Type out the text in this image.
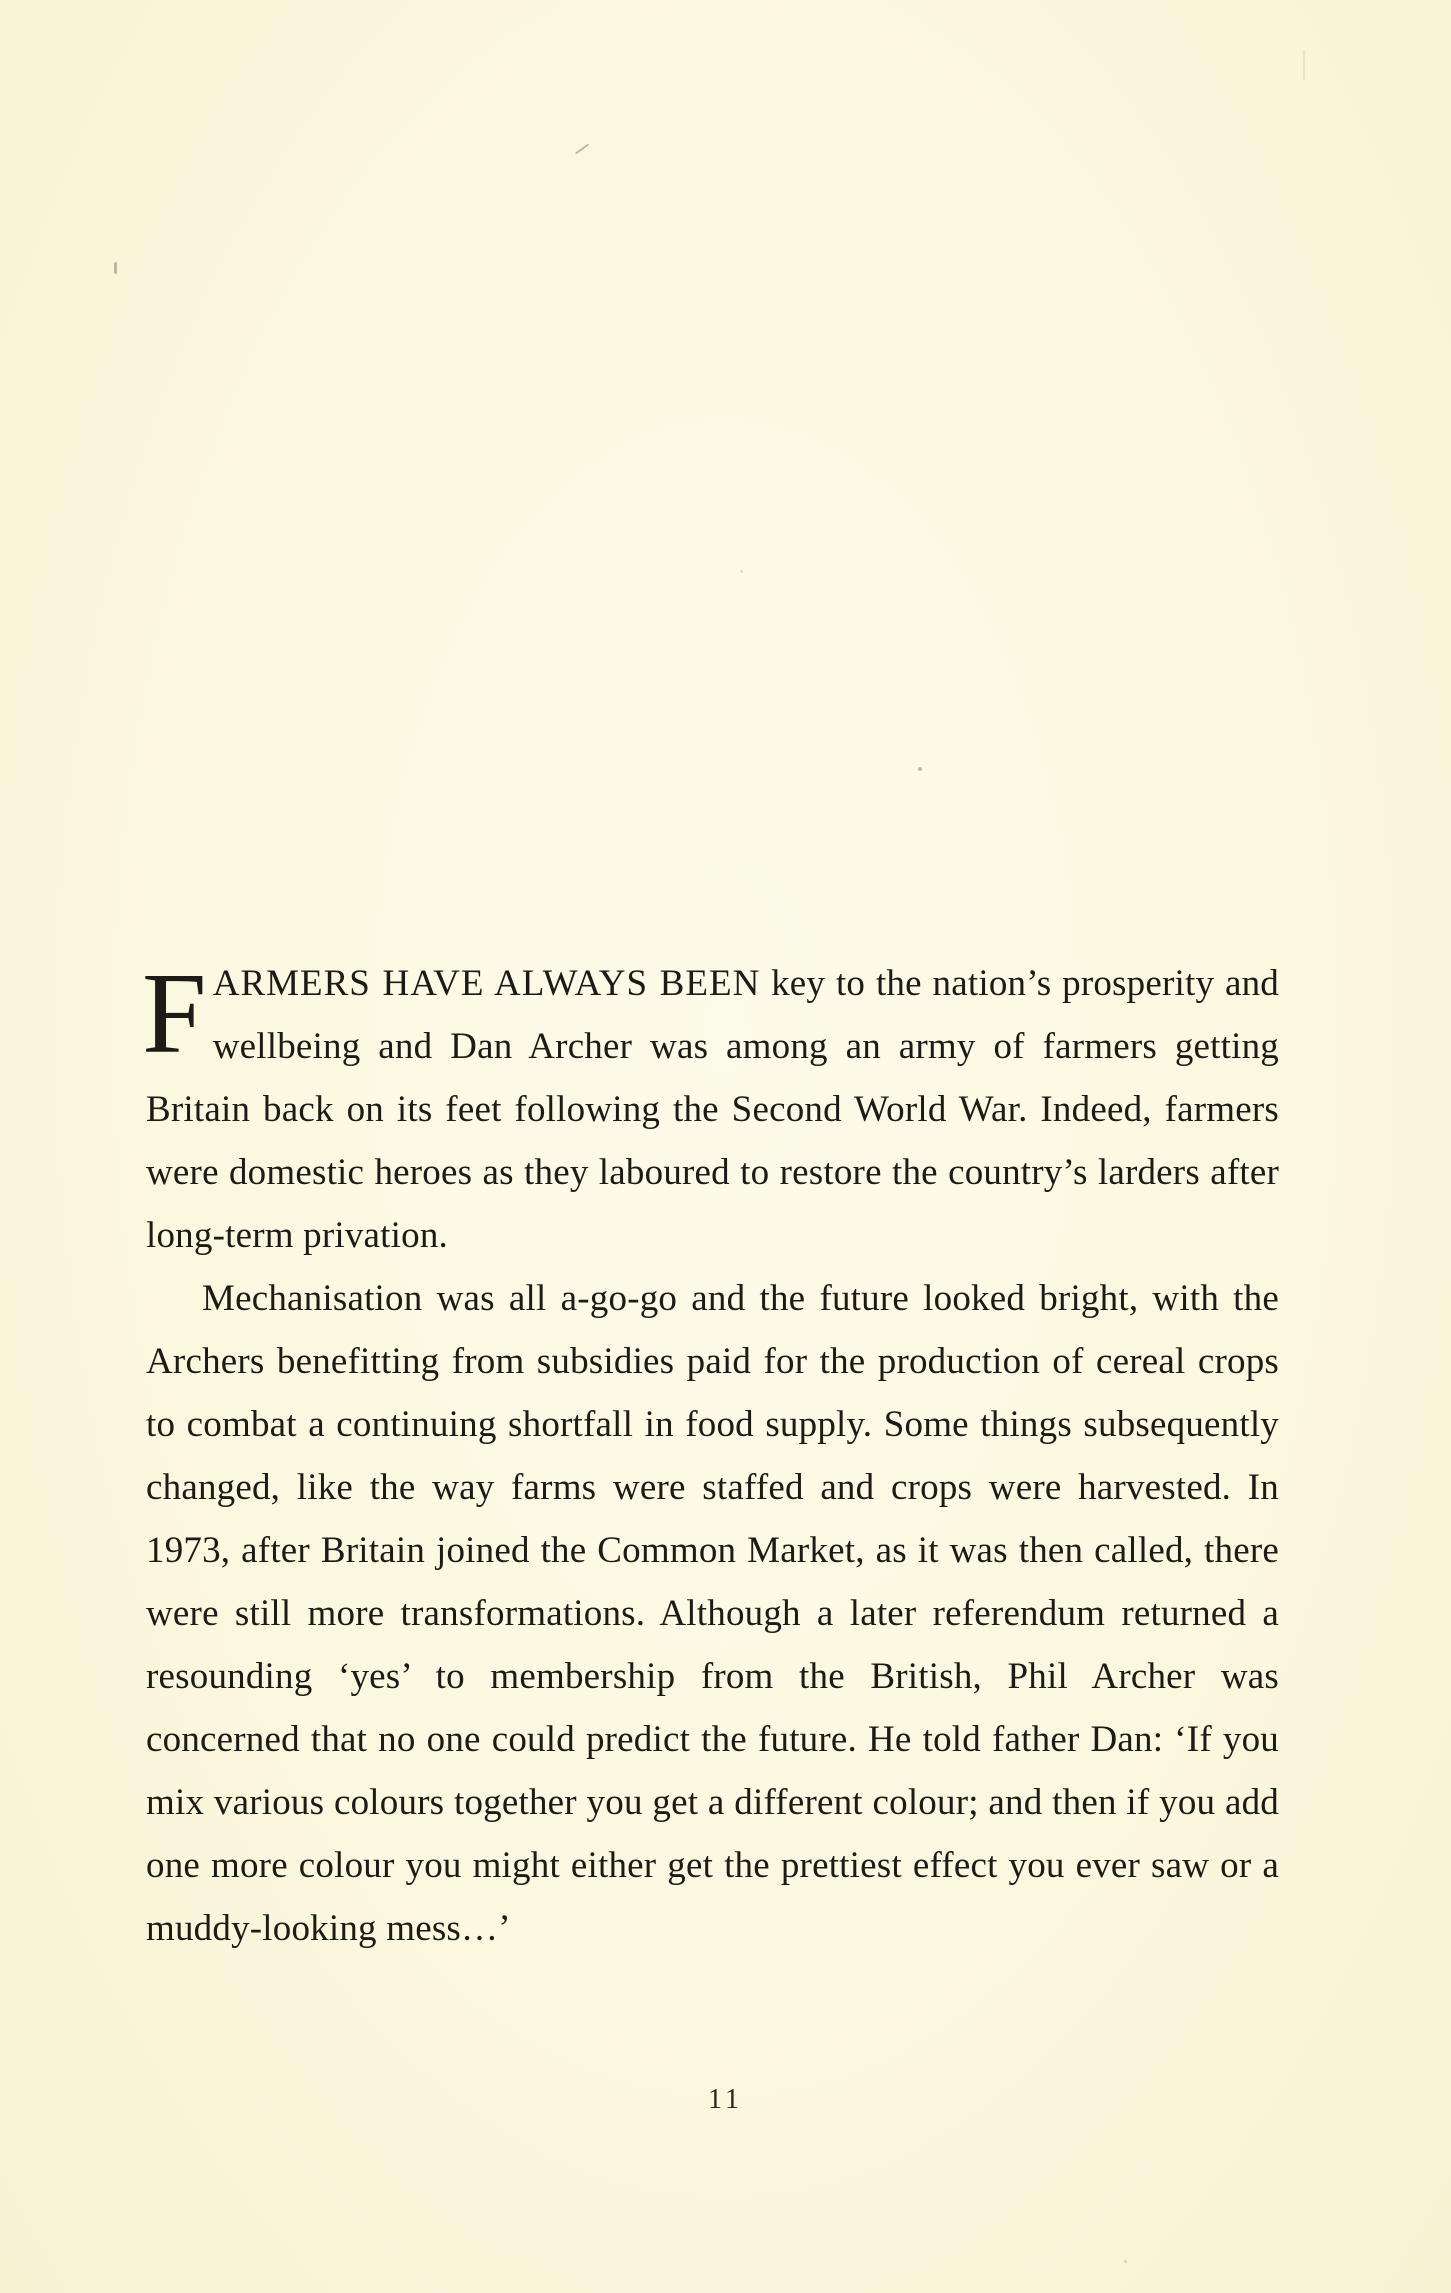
FARMERS HAVE ALWAYS BEEN key to the nation’s prosperity and wellbeing and Dan Archer was among an army of farmers getting Britain back on its feet following the Second World War. Indeed, farmers were domestic heroes as they laboured to restore the country’s larders after long-term privation.

Mechanisation was all a-go-go and the future looked bright, with the Archers benefitting from subsidies paid for the production of cereal crops to combat a continuing shortfall in food supply. Some things subsequently changed, like the way farms were staffed and crops were harvested. In 1973, after Britain joined the Common Market, as it was then called, there were still more transformations. Although a later referendum returned a resounding ‘yes’ to membership from the British, Phil Archer was concerned that no one could predict the future. He told father Dan: ‘If you mix various colours together you get a different colour; and then if you add one more colour you might either get the prettiest effect you ever saw or a muddy-looking mess…’

11
